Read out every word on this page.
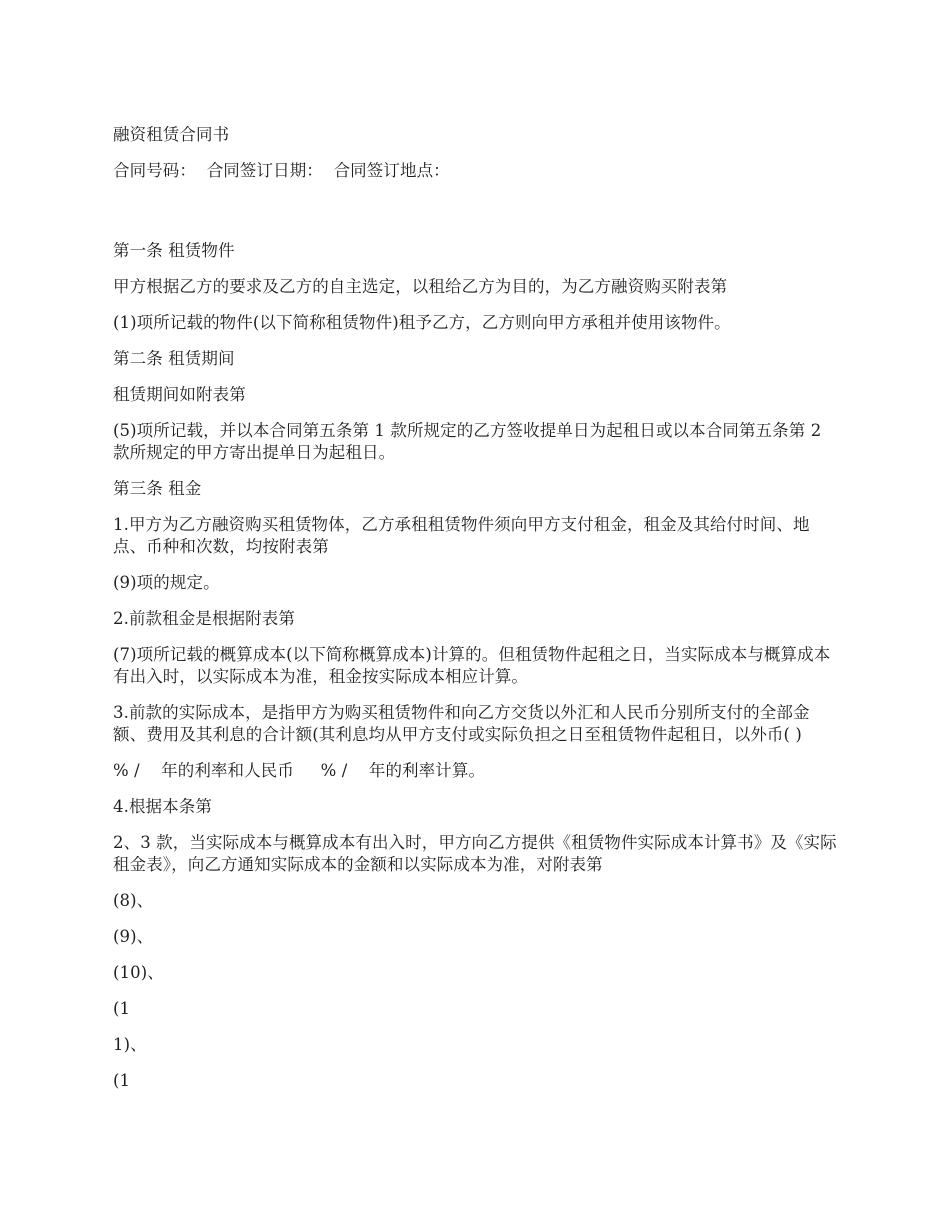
融资租赁合同书

合同号码：  合同签订日期：  合同签订地点：

第一条 租赁物件

甲方根据乙方的要求及乙方的自主选定，以租给乙方为目的，为乙方融资购买附表第

(1)项所记载的物件(以下简称租赁物件)租予乙方，乙方则向甲方承租并使用该物件。

第二条 租赁期间

租赁期间如附表第

(5)项所记载，并以本合同第五条第 1 款所规定的乙方签收提单日为起租日或以本合同第五条第 2 款所规定的甲方寄出提单日为起租日。

第三条 租金

1.甲方为乙方融资购买租赁物体，乙方承租租赁物件须向甲方支付租金，租金及其给付时间、地点、币种和次数，均按附表第

(9)项的规定。

2.前款租金是根据附表第

(7)项所记载的概算成本(以下简称概算成本)计算的。但租赁物件起租之日，当实际成本与概算成本有出入时，以实际成本为准，租金按实际成本相应计算。

3.前款的实际成本，是指甲方为购买租赁物件和向乙方交货以外汇和人民币分别所支付的全部金额、费用及其利息的合计额(其利息均从甲方支付或实际负担之日至租赁物件起租日，以外币( )

% /    年的利率和人民币     % /    年的利率计算。

4.根据本条第

2、3 款，当实际成本与概算成本有出入时，甲方向乙方提供《租赁物件实际成本计算书》及《实际租金表》，向乙方通知实际成本的金额和以实际成本为准，对附表第

(8)、

(9)、

(10)、

(1

1)、

(1
